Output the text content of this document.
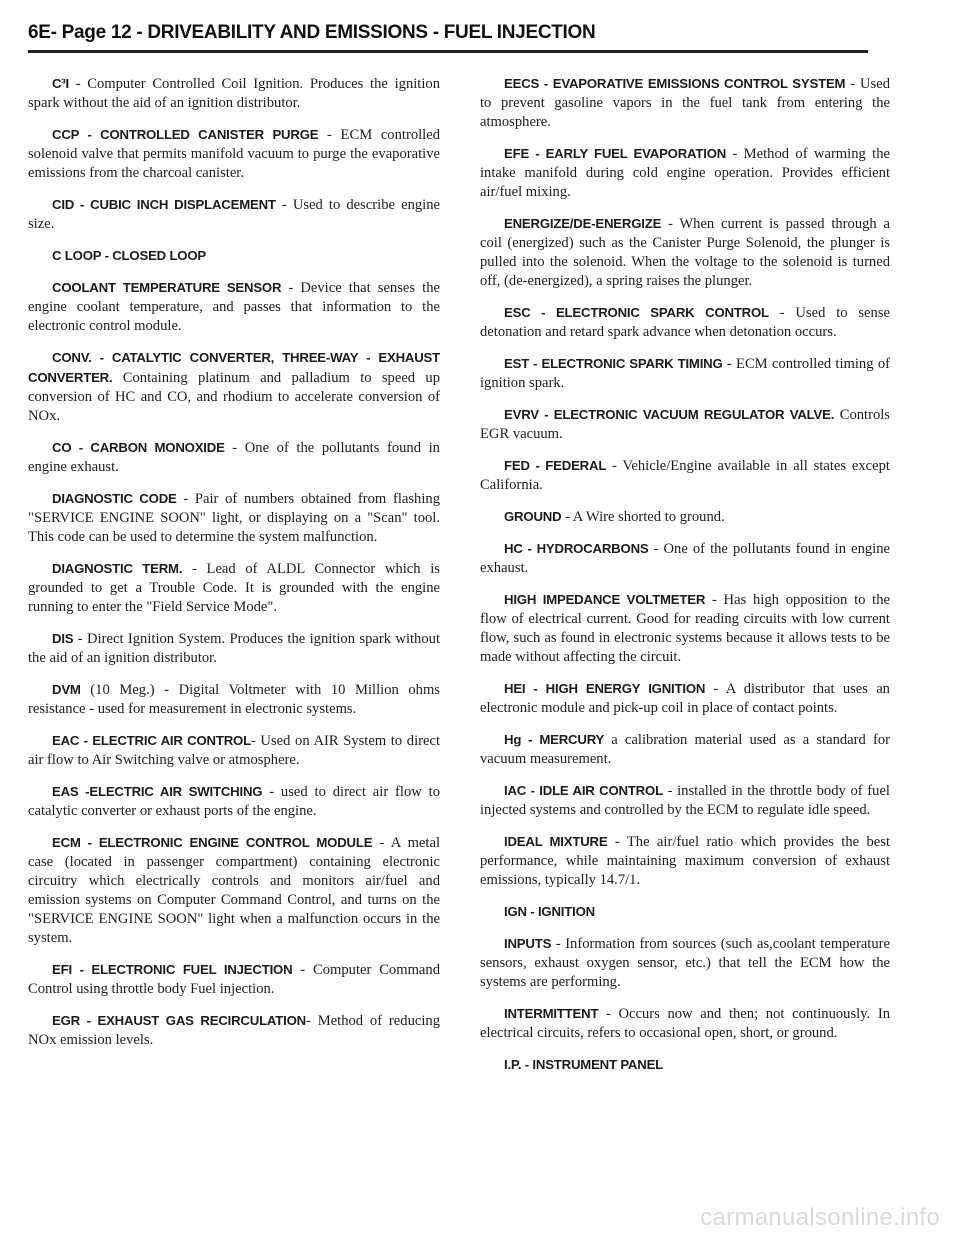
6E- Page 12 - DRIVEABILITY AND EMISSIONS - FUEL INJECTION

C³I - Computer Controlled Coil Ignition. Produces the ignition spark without the aid of an ignition distributor.

CCP - CONTROLLED CANISTER PURGE - ECM controlled solenoid valve that permits manifold vacuum to purge the evaporative emissions from the charcoal canister.

CID - CUBIC INCH DISPLACEMENT - Used to describe engine size.

C LOOP - CLOSED LOOP

COOLANT TEMPERATURE SENSOR - Device that senses the engine coolant temperature, and passes that information to the electronic control module.

CONV. - CATALYTIC CONVERTER, THREE-WAY - EXHAUST CONVERTER. Containing platinum and palladium to speed up conversion of HC and CO, and rhodium to accelerate conversion of NOx.

CO - CARBON MONOXIDE - One of the pollutants found in engine exhaust.

DIAGNOSTIC CODE - Pair of numbers obtained from flashing "SERVICE ENGINE SOON" light, or displaying on a "Scan" tool. This code can be used to determine the system malfunction.

DIAGNOSTIC TERM. - Lead of ALDL Connector which is grounded to get a Trouble Code. It is grounded with the engine running to enter the "Field Service Mode".

DIS - Direct Ignition System. Produces the ignition spark without the aid of an ignition distributor.

DVM (10 Meg.) - Digital Voltmeter with 10 Million ohms resistance - used for measurement in electronic systems.

EAC - ELECTRIC AIR CONTROL- Used on AIR System to direct air flow to Air Switching valve or atmosphere.

EAS -ELECTRIC AIR SWITCHING - used to direct air flow to catalytic converter or exhaust ports of the engine.

ECM - ELECTRONIC ENGINE CONTROL MODULE - A metal case (located in passenger compartment) containing electronic circuitry which electrically controls and monitors air/fuel and emission systems on Computer Command Control, and turns on the "SERVICE ENGINE SOON" light when a malfunction occurs in the system.

EFI - ELECTRONIC FUEL INJECTION - Computer Command Control using throttle body Fuel injection.

EGR - EXHAUST GAS RECIRCULATION- Method of reducing NOx emission levels.

EECS - EVAPORATIVE EMISSIONS CONTROL SYSTEM - Used to prevent gasoline vapors in the fuel tank from entering the atmosphere.

EFE - EARLY FUEL EVAPORATION - Method of warming the intake manifold during cold engine operation. Provides efficient air/fuel mixing.

ENERGIZE/DE-ENERGIZE - When current is passed through a coil (energized) such as the Canister Purge Solenoid, the plunger is pulled into the solenoid. When the voltage to the solenoid is turned off, (de-energized), a spring raises the plunger.

ESC - ELECTRONIC SPARK CONTROL - Used to sense detonation and retard spark advance when detonation occurs.

EST - ELECTRONIC SPARK TIMING - ECM controlled timing of ignition spark.

EVRV - ELECTRONIC VACUUM REGULATOR VALVE. Controls EGR vacuum.

FED - FEDERAL - Vehicle/Engine available in all states except California.

GROUND - A Wire shorted to ground.

HC - HYDROCARBONS - One of the pollutants found in engine exhaust.

HIGH IMPEDANCE VOLTMETER - Has high opposition to the flow of electrical current. Good for reading circuits with low current flow, such as found in electronic systems because it allows tests to be made without affecting the circuit.

HEI - HIGH ENERGY IGNITION - A distributor that uses an electronic module and pick-up coil in place of contact points.

Hg - MERCURY a calibration material used as a standard for vacuum measurement.

IAC - IDLE AIR CONTROL - installed in the throttle body of fuel injected systems and controlled by the ECM to regulate idle speed.

IDEAL MIXTURE - The air/fuel ratio which provides the best performance, while maintaining maximum conversion of exhaust emissions, typically 14.7/1.

IGN - IGNITION

INPUTS - Information from sources (such as,coolant temperature sensors, exhaust oxygen sensor, etc.) that tell the ECM how the systems are performing.

INTERMITTENT - Occurs now and then; not continuously. In electrical circuits, refers to occasional open, short, or ground.

I.P. - INSTRUMENT PANEL

carmanualsonline.info
